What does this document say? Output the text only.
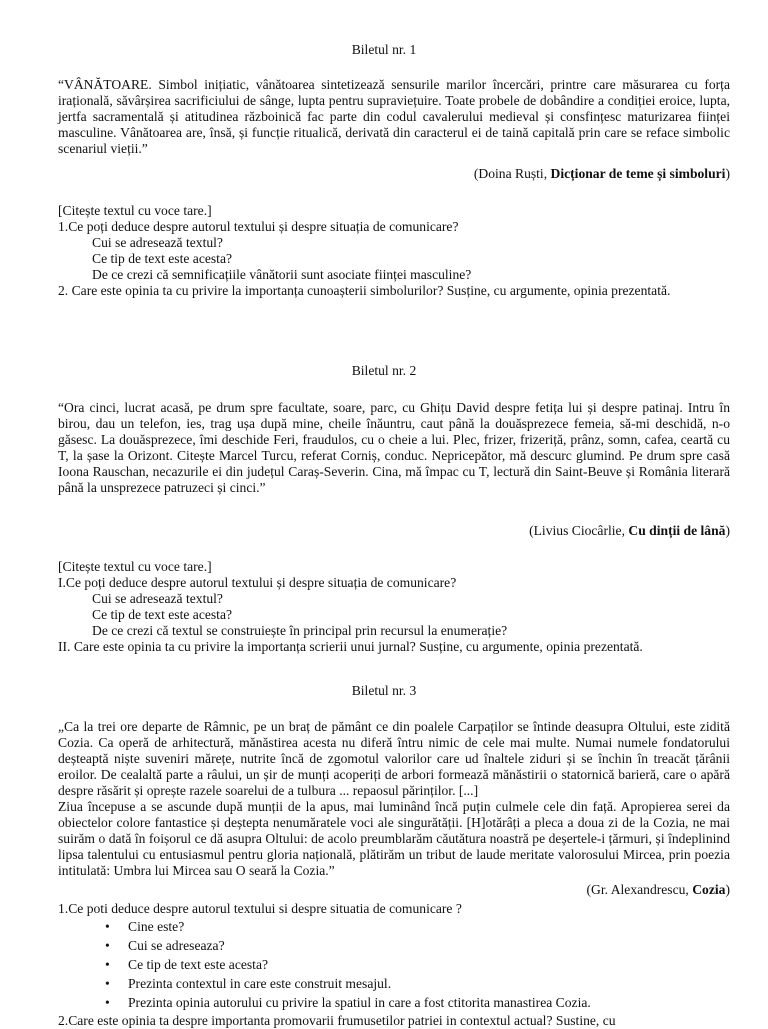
Biletul nr. 1
“VÂNĂTOARE. Simbol inițiatic, vânătoarea sintetizează sensurile marilor încercări, printre care măsurarea cu forța irațională, săvârșirea sacrificiului de sânge, lupta pentru supraviețuire. Toate probele de dobândire a condiției eroice, lupta, jertfa sacramentală și atitudinea războinică fac parte din codul cavalerului medieval și consfințesc maturizarea ființei masculine. Vânătoarea are, însă, și funcție ritualică, derivată din caracterul ei de taină capitală prin care se reface simbolic scenariul vieții.”
(Doina Ruști, Dicționar de teme și simboluri)
[Citește textul cu voce tare.]
1.Ce poți deduce despre autorul textului și despre situația de comunicare?
Cui se adresează textul?
Ce tip de text este acesta?
De ce crezi că semnificațiile vânătorii sunt asociate ființei masculine?
2. Care este opinia ta cu privire la importanța cunoașterii simbolurilor? Susține, cu argumente, opinia prezentată.
Biletul nr. 2
“Ora cinci, lucrat acasă, pe drum spre facultate, soare, parc, cu Ghițu David despre fetița lui și despre patinaj. Intru în birou, dau un telefon, ies, trag ușa după mine, cheile înăuntru, caut până la douăsprezece femeia, să-mi deschidă, n-o găsesc. La douăsprezece, îmi deschide Feri, fraudulos, cu o cheie a lui. Plec, frizer, frizeriță, prânz, somn, cafea, ceartă cu T, la șase la Orizont. Citește Marcel Turcu, referat Corniș, conduc. Nepricepător, mă descurc glumind. Pe drum spre casă Ioona Rauschan, necazurile ei din județul Caraș-Severin. Cina, mă împac cu T, lectură din Saint-Beuve și România literară până la unsprezece patruzeci și cinci.”
(Livius Ciocârlie, Cu dinții de lână)
[Citește textul cu voce tare.]
I.Ce poți deduce despre autorul textului și despre situația de comunicare?
Cui se adresează textul?
Ce tip de text este acesta?
De ce crezi că textul se construiește în principal prin recursul la enumerație?
II. Care este opinia ta cu privire la importanța scrierii unui jurnal? Susține, cu argumente, opinia prezentată.
Biletul nr. 3
„Ca la trei ore departe de Râmnic, pe un braț de pământ ce din poalele Carpaților se întinde deasupra Oltului, este zidită Cozia. Ca operă de arhitectură, mănăstirea acesta nu diferă întru nimic de cele mai multe. Numai numele fondatorului deșteaptă niște suveniri mărețe, nutrite încă de zgomotul valorilor care ud înaltele ziduri și se închin în treacăt țărânii eroilor. De cealaltă parte a râului, un șir de munți acoperiți de arbori formează mănăstirii o statornică barieră, care o apără despre răsărit și oprește razele soarelui de a tulbura ... repaosul părinților. [...]
Ziua începuse a se ascunde după munții de la apus, mai luminând încă puțin culmele cele din față. Apropierea serei da obiectelor colore fantastice și deștepta nenumăratele voci ale singurătății. [H]otărâți a pleca a doua zi de la Cozia, ne mai suirăm o dată în foișorul ce dă asupra Oltului: de acolo preumblarăm căutătura noastră pe deșertele-i țărmuri, și îndeplinind lipsa talentului cu entusiasmul pentru gloria națională, plătirăm un tribut de laude meritate valorosului Mircea, prin poezia intitulată: Umbra lui Mircea sau O seară la Cozia.”
(Gr. Alexandrescu, Cozia)
1.Ce poti deduce despre autorul textului si despre situatia de comunicare ?
• Cine este?
• Cui se adreseaza?
• Ce tip de text este acesta?
• Prezinta contextul in care este construit mesajul.
• Prezinta opinia autorului cu privire la spatiul in care a fost ctitorita manastirea Cozia.
2.Care este opinia ta despre importanta promovarii frumusetilor patriei in contextul actual? Sustine, cu
